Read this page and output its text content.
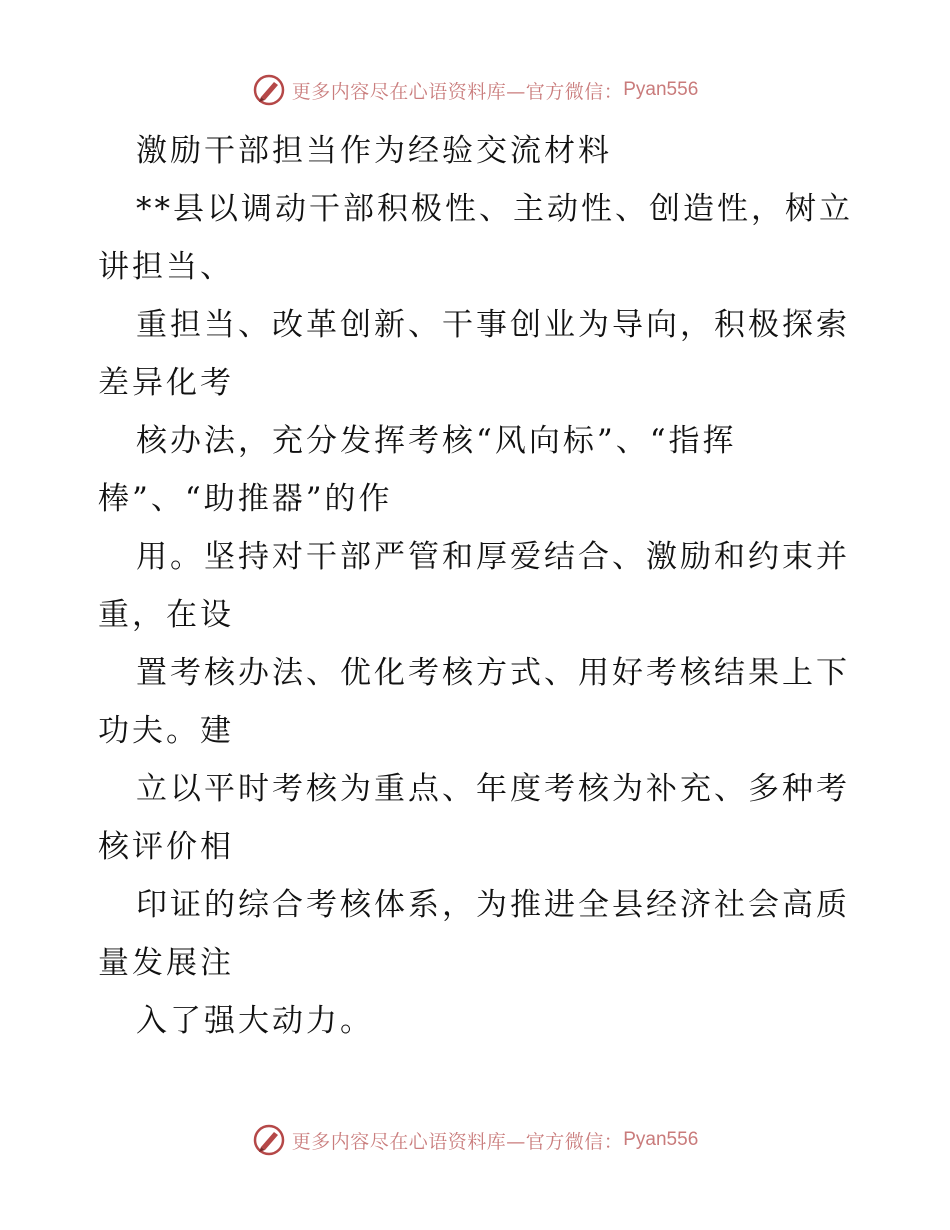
更多内容尽在心语资料库—官方微信： Pyan556
激励干部担当作为经验交流材料
**县以调动干部积极性、主动性、创造性，树立
讲担当、
重担当、改革创新、干事创业为导向，积极探索
差异化考
核办法，充分发挥考核“风向标”、“指挥
棒”、“助推器”的作
用。坚持对干部严管和厚爱结合、激励和约束并
重，在设
置考核办法、优化考核方式、用好考核结果上下
功夫。建
立以平时考核为重点、年度考核为补充、多种考
核评价相
印证的综合考核体系，为推进全县经济社会高质
量发展注
入了强大动力。
更多内容尽在心语资料库—官方微信： Pyan556
